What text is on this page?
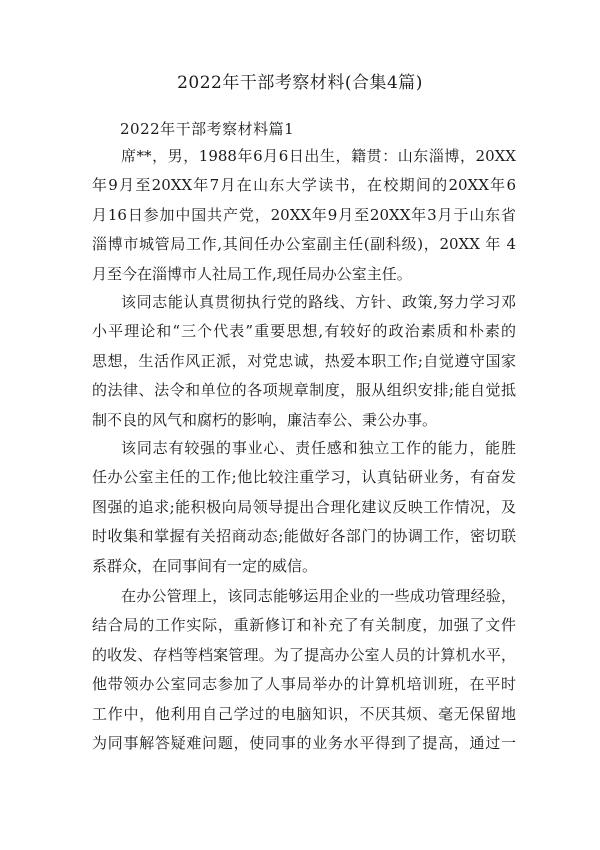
2022年干部考察材料(合集4篇)
2022年干部考察材料篇1
席**，男，1988年6月6日出生，籍贯：山东淄博，20XX
年9月至20XX年7月在山东大学读书，在校期间的20XX年6
月16日参加中国共产党，20XX年9月至20XX年3月于山东省
淄博市城管局工作,其间任办公室副主任(副科级)，20XX 年 4
月至今在淄博市人社局工作,现任局办公室主任。
该同志能认真贯彻执行党的路线、方针、政策,努力学习邓
小平理论和“三个代表”重要思想,有较好的政治素质和朴素的
思想，生活作风正派，对党忠诚，热爱本职工作;自觉遵守国家
的法律、法令和单位的各项规章制度，服从组织安排;能自觉抵
制不良的风气和腐朽的影响，廉洁奉公、秉公办事。
该同志有较强的事业心、责任感和独立工作的能力，能胜
任办公室主任的工作;他比较注重学习，认真钻研业务，有奋发
图强的追求;能积极向局领导提出合理化建议反映工作情况，及
时收集和掌握有关招商动态;能做好各部门的协调工作，密切联
系群众，在同事间有一定的威信。
在办公管理上，该同志能够运用企业的一些成功管理经验，
结合局的工作实际，重新修订和补充了有关制度，加强了文件
的收发、存档等档案管理。为了提高办公室人员的计算机水平，
他带领办公室同志参加了人事局举办的计算机培训班，在平时
工作中，他利用自己学过的电脑知识，不厌其烦、毫无保留地
为同事解答疑难问题，使同事的业务水平得到了提高，通过一
